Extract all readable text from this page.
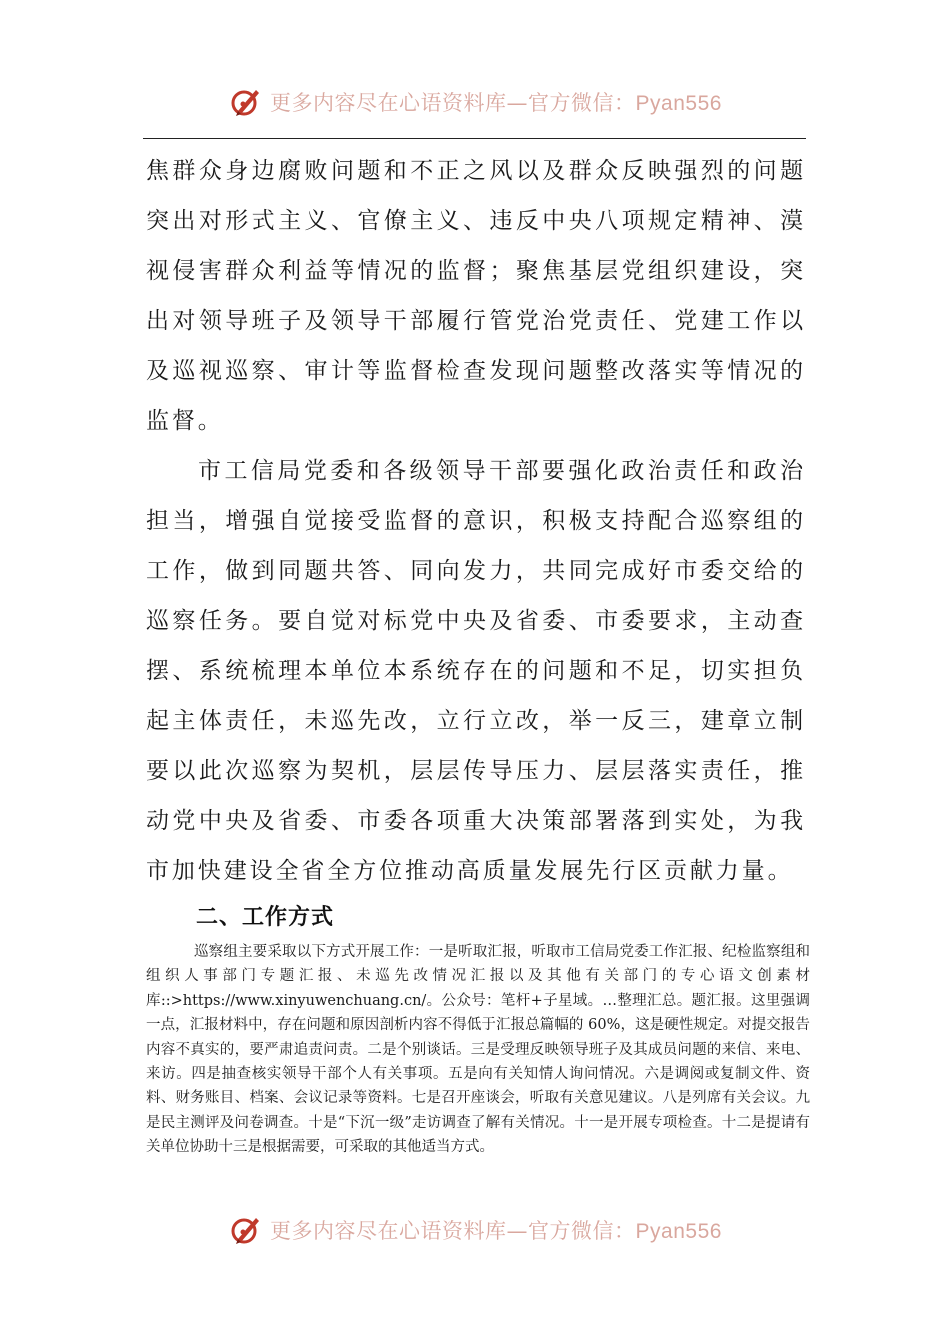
更多内容尽在心语资料库—官方微信：Pyan556

焦群众身边腐败问题和不正之风以及群众反映强烈的问题突出对形式主义、官僚主义、违反中央八项规定精神、漠视侵害群众利益等情况的监督；聚焦基层党组织建设，突出对领导班子及领导干部履行管党治党责任、党建工作以及巡视巡察、审计等监督检查发现问题整改落实等情况的监督。

市工信局党委和各级领导干部要强化政治责任和政治担当，增强自觉接受监督的意识，积极支持配合巡察组的工作，做到同题共答、同向发力，共同完成好市委交给的巡察任务。要自觉对标党中央及省委、市委要求，主动查摆、系统梳理本单位本系统存在的问题和不足，切实担负起主体责任，未巡先改，立行立改，举一反三，建章立制要以此次巡察为契机，层层传导压力、层层落实责任，推动党中央及省委、市委各项重大决策部署落到实处，为我市加快建设全省全方位推动高质量发展先行区贡献力量。

二、工作方式

巡察组主要采取以下方式开展工作：一是听取汇报，听取市工信局党委工作汇报、纪检监察组和组织人事部门专题汇报、未巡先改情况汇报以及其他有关部门的专心语文创素材库::>https://www.xinyuwenchuang.cn/。公众号：笔杆+子星域。…整理汇总。题汇报。这里强调一点，汇报材料中，存在问题和原因剖析内容不得低于汇报总篇幅的 60%，这是硬性规定。对提交报告内容不真实的，要严肃追责问责。二是个别谈话。三是受理反映领导班子及其成员问题的来信、来电、来访。四是抽查核实领导干部个人有关事项。五是向有关知情人询问情况。六是调阅或复制文件、资料、财务账目、档案、会议记录等资料。七是召开座谈会，听取有关意见建议。八是列席有关会议。九是民主测评及问卷调查。十是“下沉一级”走访调查了解有关情况。十一是开展专项检查。十二是提请有关单位协助十三是根据需要，可采取的其他适当方式。

更多内容尽在心语资料库—官方微信：Pyan556
